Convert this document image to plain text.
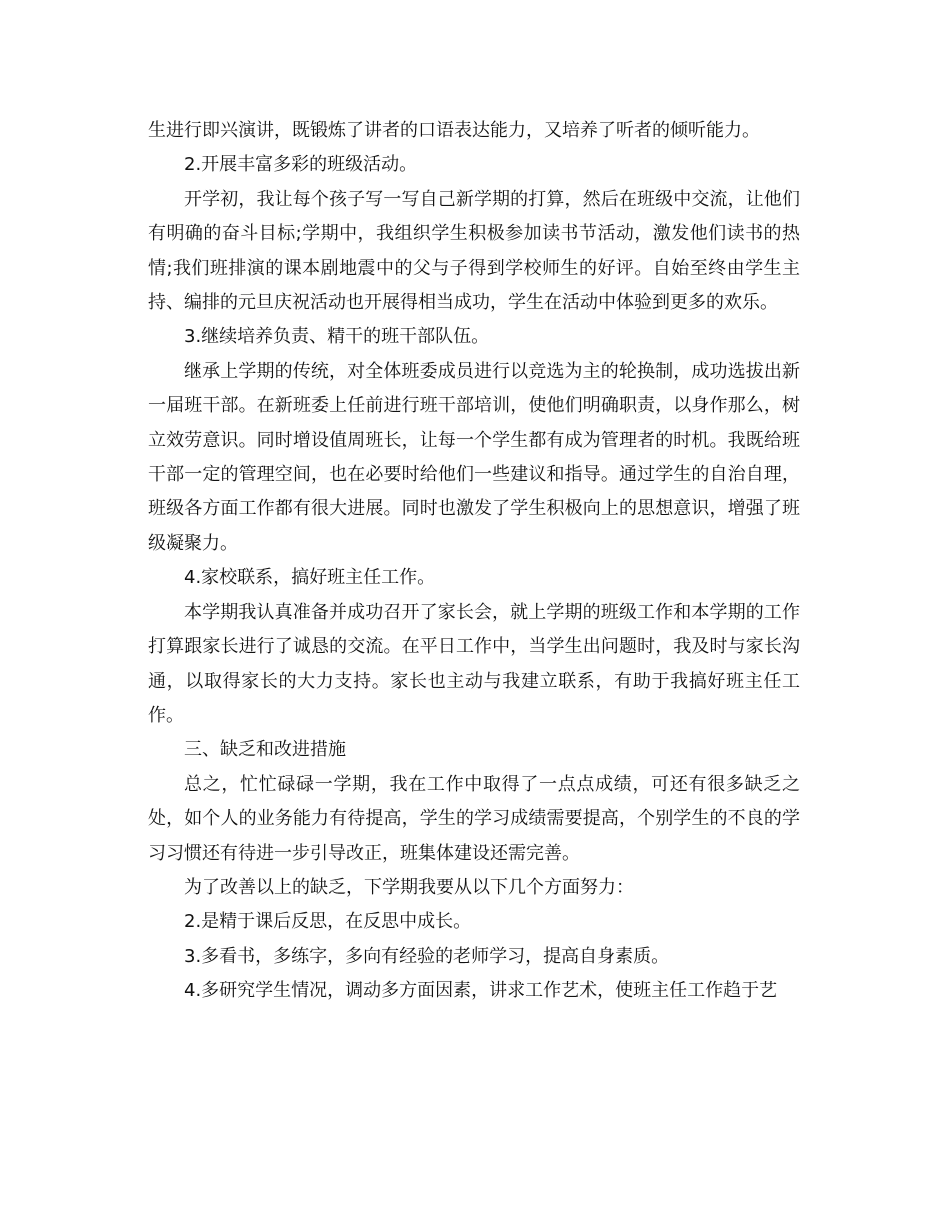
生进行即兴演讲，既锻炼了讲者的口语表达能力，又培养了听者的倾听能力。

2.开展丰富多彩的班级活动。

开学初，我让每个孩子写一写自己新学期的打算，然后在班级中交流，让他们有明确的奋斗目标;学期中，我组织学生积极参加读书节活动，激发他们读书的热情;我们班排演的课本剧地震中的父与子得到学校师生的好评。自始至终由学生主持、编排的元旦庆祝活动也开展得相当成功，学生在活动中体验到更多的欢乐。

3.继续培养负责、精干的班干部队伍。

继承上学期的传统，对全体班委成员进行以竞选为主的轮换制，成功选拔出新一届班干部。在新班委上任前进行班干部培训，使他们明确职责，以身作那么，树立效劳意识。同时增设值周班长，让每一个学生都有成为管理者的时机。我既给班干部一定的管理空间，也在必要时给他们一些建议和指导。通过学生的自治自理，班级各方面工作都有很大进展。同时也激发了学生积极向上的思想意识，增强了班级凝聚力。

4.家校联系，搞好班主任工作。

本学期我认真准备并成功召开了家长会，就上学期的班级工作和本学期的工作打算跟家长进行了诚恳的交流。在平日工作中，当学生出问题时，我及时与家长沟通，以取得家长的大力支持。家长也主动与我建立联系，有助于我搞好班主任工作。

三、缺乏和改进措施

总之，忙忙碌碌一学期，我在工作中取得了一点点成绩，可还有很多缺乏之处，如个人的业务能力有待提高，学生的学习成绩需要提高，个别学生的不良的学习习惯还有待进一步引导改正，班集体建设还需完善。

为了改善以上的缺乏，下学期我要从以下几个方面努力：

2.是精于课后反思，在反思中成长。

3.多看书，多练字，多向有经验的老师学习，提高自身素质。

4.多研究学生情况，调动多方面因素，讲求工作艺术，使班主任工作趋于艺
